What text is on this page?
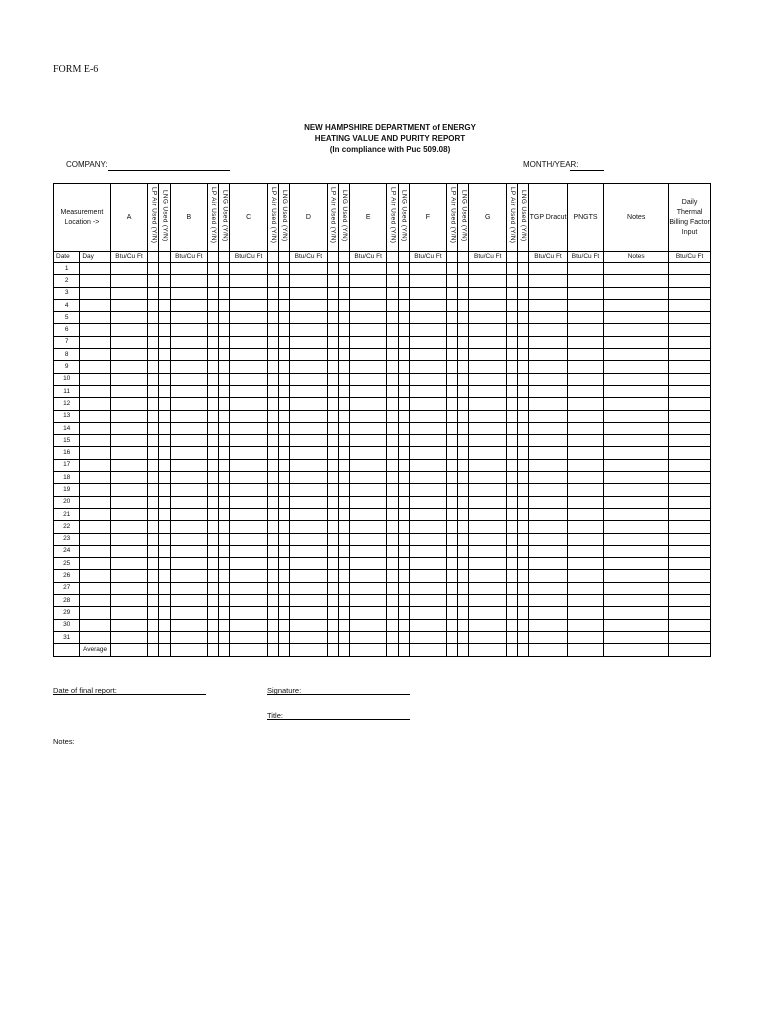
FORM E-6
NEW HAMPSHIRE DEPARTMENT of ENERGY
HEATING VALUE AND PURITY REPORT
(In compliance with Puc 509.08)
COMPANY:	MONTH/YEAR:
Measurement Location ->		A	LP Air Used (Y/N)	LNG Used (Y/N)	B	LP Air Used (Y/N)	LNG Used (Y/N)	C	LP Air Used (Y/N)	LNG Used (Y/N)	D	LP Air Used (Y/N)	LNG Used (Y/N)	E	LP Air Used (Y/N)	LNG Used (Y/N)	F	LP Air Used (Y/N)	LNG Used (Y/N)	G	LP Air Used (Y/N)	LNG Used (Y/N)	TGP Dracut	PNGTS	Notes	Daily Thermal Billing Factor Input
Date	Day	Btu/Cu Ft			Btu/Cu Ft			Btu/Cu Ft			Btu/Cu Ft			Btu/Cu Ft			Btu/Cu Ft			Btu/Cu Ft			Btu/Cu Ft	Btu/Cu Ft	Notes	Btu/Cu Ft
1																										
2																										
3																										
4																										
5																										
6																										
7																										
8																										
9																										
10																										
11																										
12																										
13																										
14																										
15																										
16																										
17																										
18																										
19																										
20																										
21																										
22																										
23																										
24																										
25																										
26																										
27																										
28																										
29																										
30																										
31																										
	Average																									
Date of final report:	Signature:
Title:
Notes:
